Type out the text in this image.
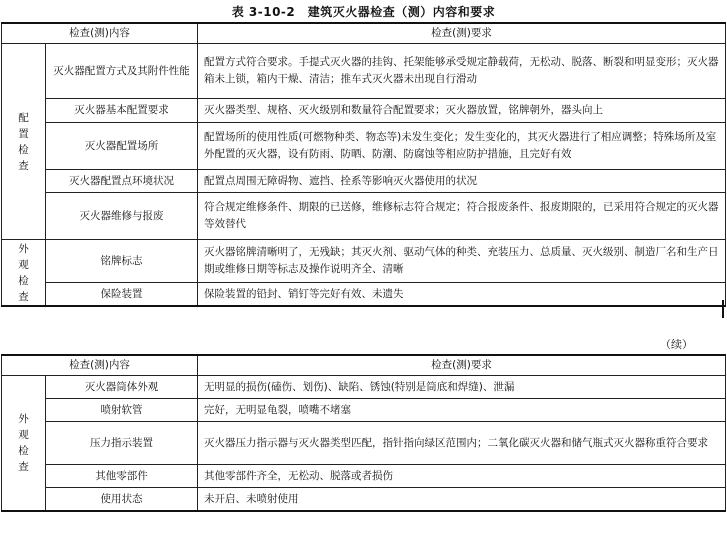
表 3-10-2　建筑灭火器检查（测）内容和要求
检查(测)内容		检查(测)要求
配置检查	灭火器配置方式及其附件性能	配置方式符合要求。手提式灭火器的挂钩、托架能够承受规定静载荷，无松动、脱落、断裂和明显变形；灭火器箱未上锁，箱内干燥、清洁；推车式灭火器未出现自行滑动
	灭火器基本配置要求	灭火器类型、规格、灭火级别和数量符合配置要求；灭火器放置，铭牌朝外，器头向上
	灭火器配置场所	配置场所的使用性质(可燃物种类、物态等)未发生变化；发生变化的，其灭火器进行了相应调整；特殊场所及室外配置的灭火器，设有防雨、防晒、防潮、防腐蚀等相应防护措施，且完好有效
	灭火器配置点环境状况	配置点周围无障碍物、遮挡、拴系等影响灭火器使用的状况
	灭火器维修与报废	符合规定维修条件、期限的已送修，维修标志符合规定；符合报废条件、报废期限的，已采用符合规定的灭火器等效替代
外观检查	铭牌标志	灭火器铭牌清晰明了，无残缺；其灭火剂、驱动气体的种类、充装压力、总质量、灭火级别、制造厂名和生产日期或维修日期等标志及操作说明齐全、清晰
	保险装置	保险装置的铅封、销钉等完好有效、未遗失
（续）
检查(测)内容		检查(测)要求
外观检查	灭火器筒体外观	无明显的损伤(磕伤、划伤)、缺陷、锈蚀(特别是筒底和焊缝)、泄漏
	喷射软管	完好，无明显龟裂，喷嘴不堵塞
	压力指示装置	灭火器压力指示器与灭火器类型匹配，指针指向绿区范围内；二氧化碳灭火器和储气瓶式灭火器称重符合要求
	其他零部件	其他零部件齐全，无松动、脱落或者损伤
	使用状态	未开启、未喷射使用
